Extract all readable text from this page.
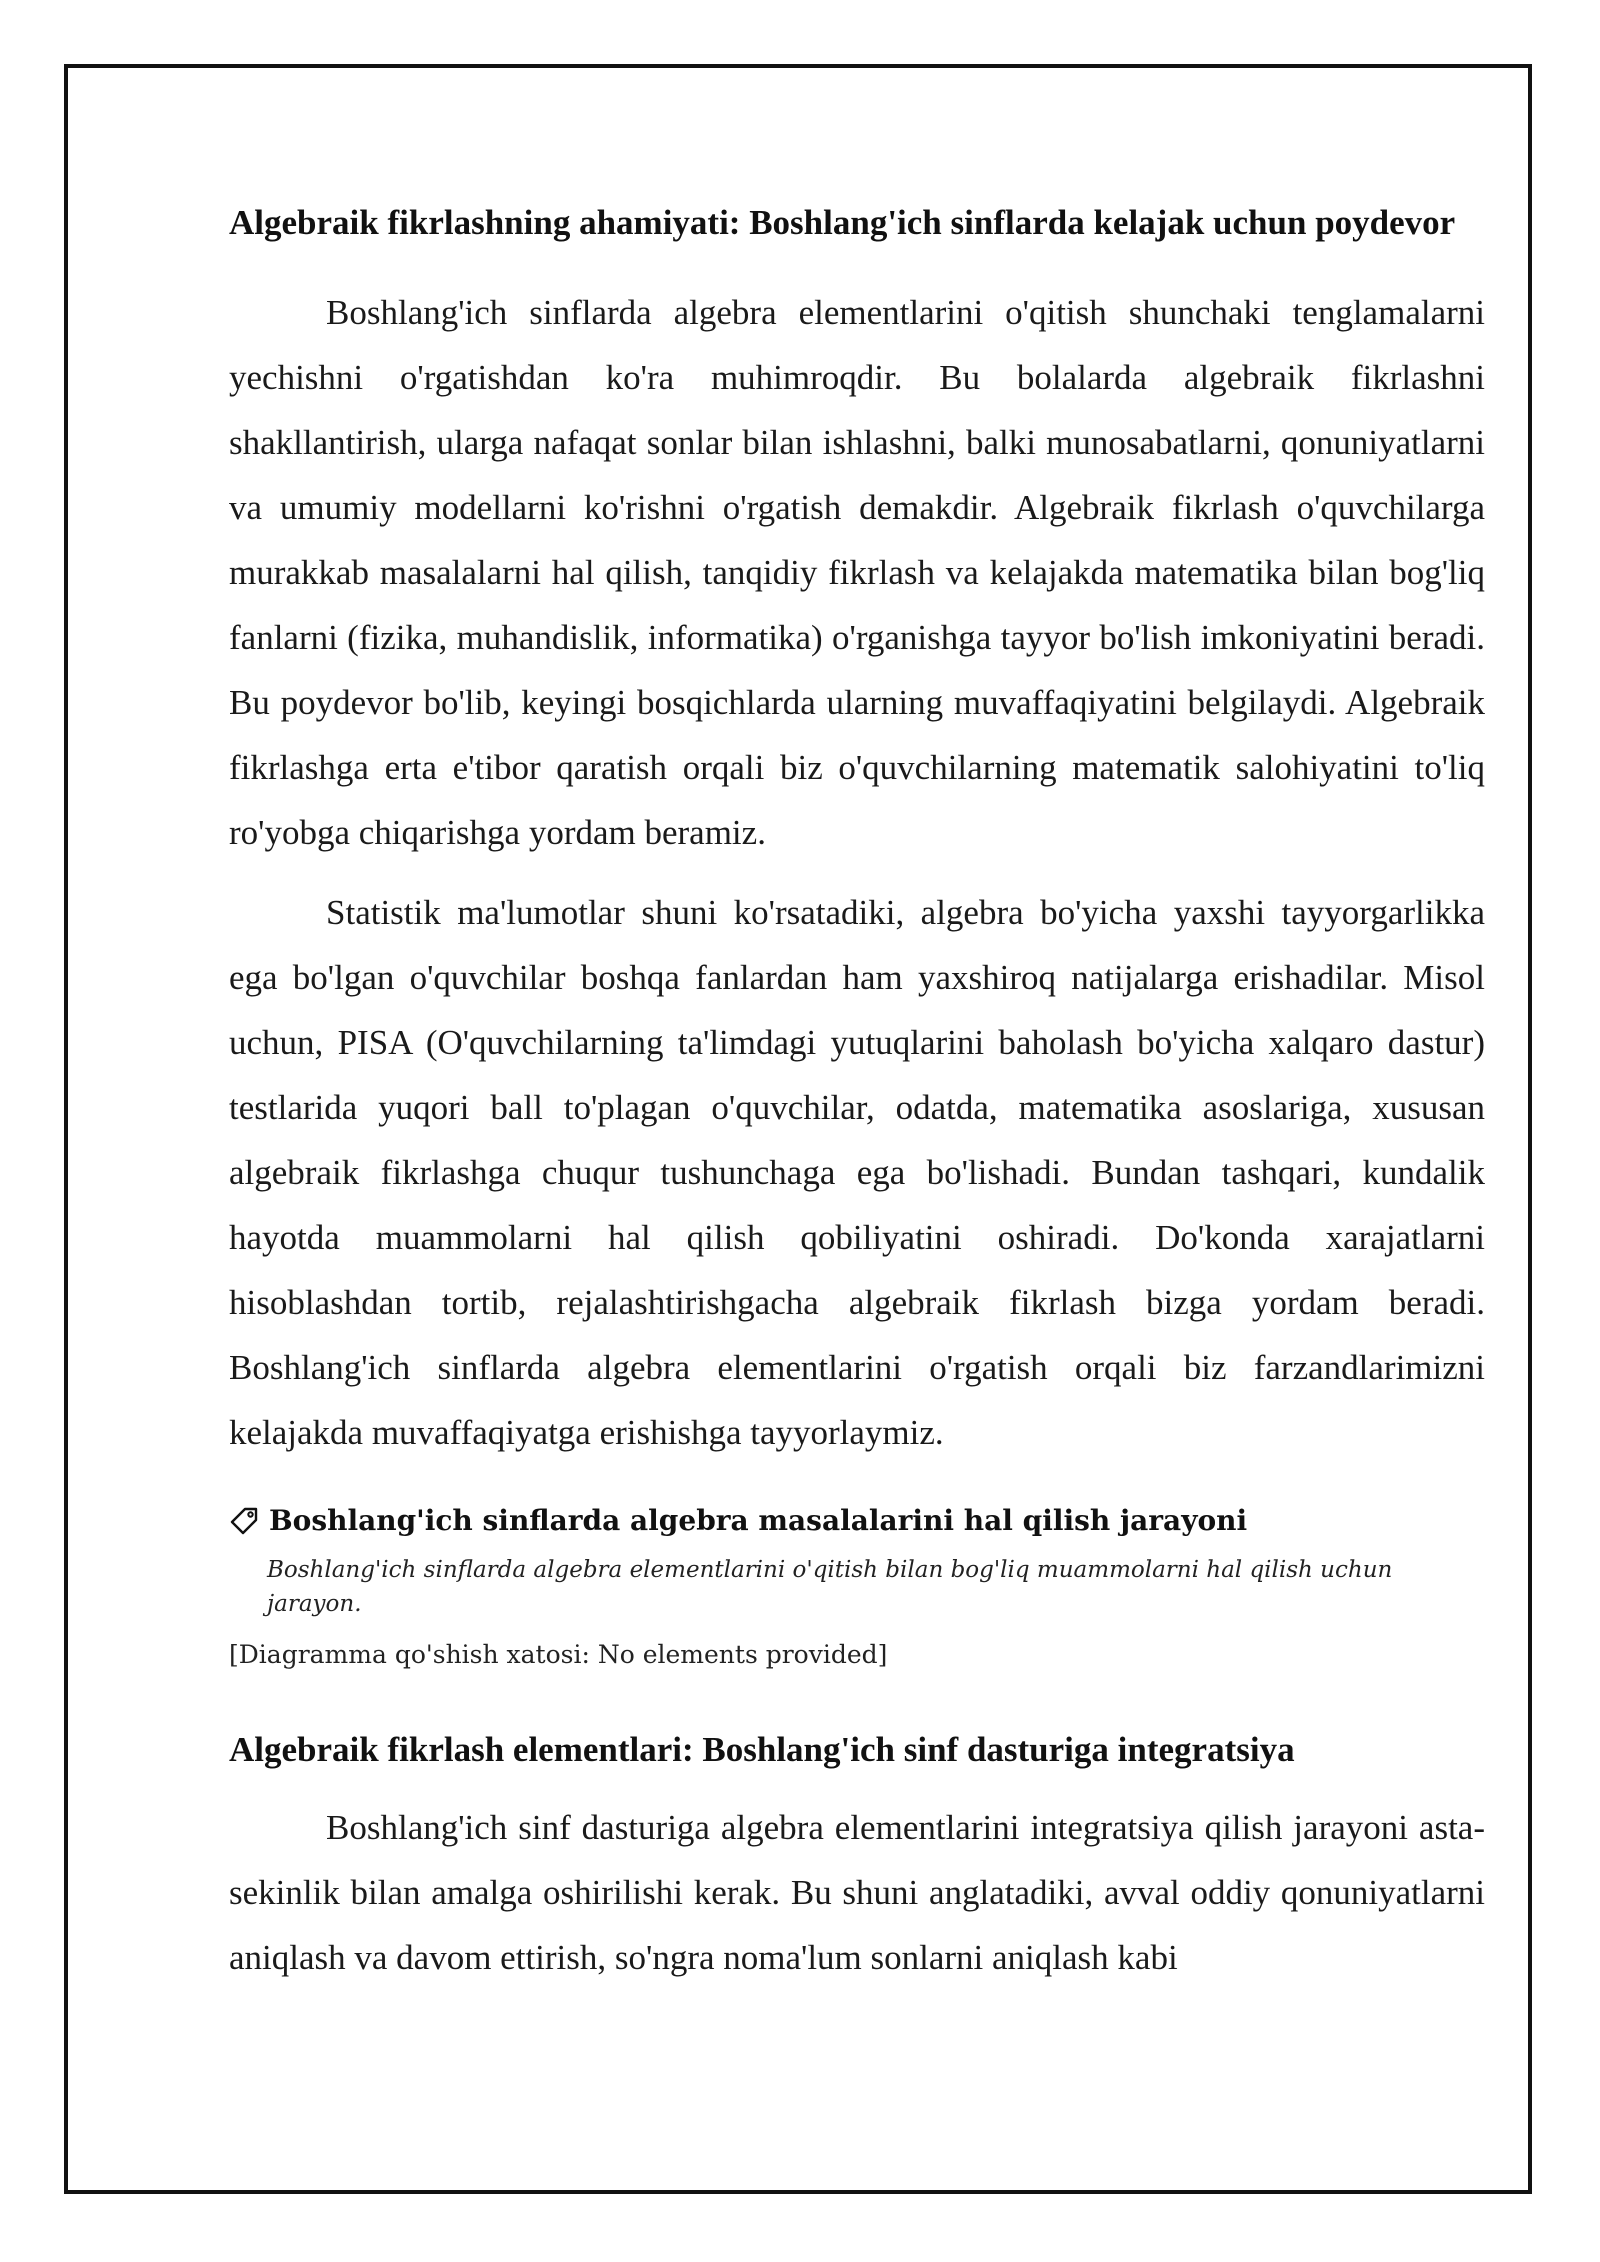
Algebraik fikrlashning ahamiyati: Boshlang'ich sinflarda kelajak uchun poydevor

Boshlang'ich sinflarda algebra elementlarini o'qitish shunchaki tenglamalarni yechishni o'rgatishdan ko'ra muhimroqdir. Bu bolalarda algebraik fikrlashni shakllantirish, ularga nafaqat sonlar bilan ishlashni, balki munosabatlarni, qonuniyatlarni va umumiy modellarni ko'rishni o'rgatish demakdir. Algebraik fikrlash o'quvchilarga murakkab masalalarni hal qilish, tanqidiy fikrlash va kelajakda matematika bilan bog'liq fanlarni (fizika, muhandislik, informatika) o'rganishga tayyor bo'lish imkoniyatini beradi. Bu poydevor bo'lib, keyingi bosqichlarda ularning muvaffaqiyatini belgilaydi. Algebraik fikrlashga erta e'tibor qaratish orqali biz o'quvchilarning matematik salohiyatini to'liq ro'yobga chiqarishga yordam beramiz.

Statistik ma'lumotlar shuni ko'rsatadiki, algebra bo'yicha yaxshi tayyorgarlikka ega bo'lgan o'quvchilar boshqa fanlardan ham yaxshiroq natijalarga erishadilar. Misol uchun, PISA (O'quvchilarning ta'limdagi yutuqlarini baholash bo'yicha xalqaro dastur) testlarida yuqori ball to'plagan o'quvchilar, odatda, matematika asoslariga, xususan algebraik fikrlashga chuqur tushunchaga ega bo'lishadi. Bundan tashqari, kundalik hayotda muammolarni hal qilish qobiliyatini oshiradi. Do'konda xarajatlarni hisoblashdan tortib, rejalashtirishgacha algebraik fikrlash bizga yordam beradi. Boshlang'ich sinflarda algebra elementlarini o'rgatish orqali biz farzandlarimizni kelajakda muvaffaqiyatga erishishga tayyorlaymiz.

Boshlang'ich sinflarda algebra masalalarini hal qilish jarayoni
Boshlang'ich sinflarda algebra elementlarini o'qitish bilan bog'liq muammolarni hal qilish uchun jarayon.
[Diagramma qo'shish xatosi: No elements provided]
Algebraik fikrlash elementlari: Boshlang'ich sinf dasturiga integratsiya

Boshlang'ich sinf dasturiga algebra elementlarini integratsiya qilish jarayoni asta-sekinlik bilan amalga oshirilishi kerak. Bu shuni anglatadiki, avval oddiy qonuniyatlarni aniqlash va davom ettirish, so'ngra noma'lum sonlarni aniqlash kabi
